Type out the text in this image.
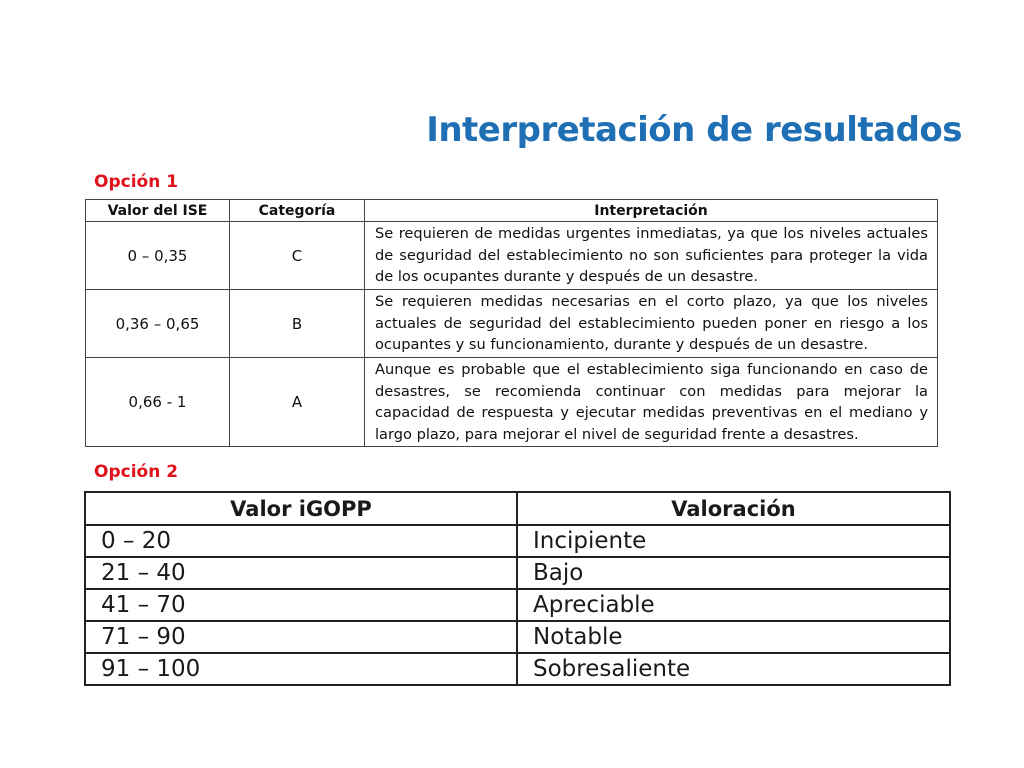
Interpretación de resultados
Opción 1
Valor del ISE	Categoría	Interpretación
0 – 0,35	C	Se requieren de medidas urgentes inmediatas, ya que los niveles actuales de seguridad del establecimiento no son suficientes para proteger la vida de los ocupantes durante y después de un desastre.
0,36 – 0,65	B	Se requieren medidas necesarias en el corto plazo, ya que los niveles actuales de seguridad del establecimiento pueden poner en riesgo a los ocupantes y su funcionamiento, durante y después de un desastre.
0,66 - 1	A	Aunque es probable que el establecimiento siga funcionando en caso de desastres, se recomienda continuar con medidas para mejorar la capacidad de respuesta y ejecutar medidas preventivas en el mediano y largo plazo, para mejorar el nivel de seguridad frente a desastres.
Opción 2
Valor iGOPP	Valoración
0 – 20	Incipiente
21 – 40	Bajo
41 – 70	Apreciable
71 – 90	Notable
91 – 100	Sobresaliente
